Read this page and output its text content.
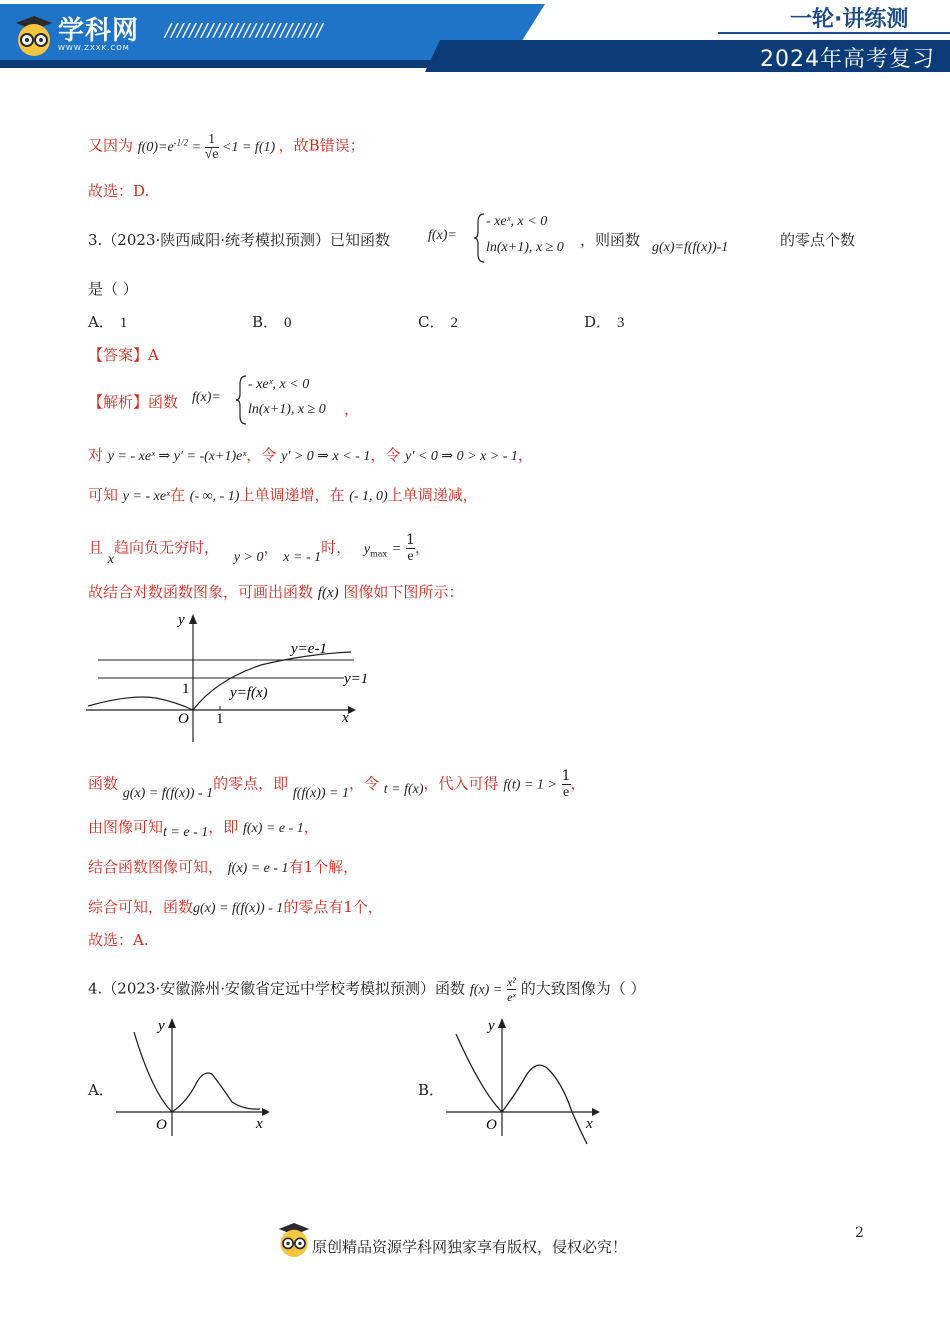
学科网
WWW.ZXXK.COM
//////////////////////////	一轮·讲练测
2024年高考复习
又因为 $f(0)=e^{-1/2} = \frac{1}{√e} <1 = f(1)$ ，故B错误；
故选：D.
3.（2023·陕西咸阳·统考模拟预测）已知函数	f(x)=
- xeˣ, x < 0
ln(x+1), x ≥ 0 ，则函数 g(x)=f(f(x))-1	的零点个数
是（ ）
A． 1	B． 0	C． 2	D． 3
【答案】A
【解析】函数 f(x)=
- xeˣ, x < 0
ln(x+1), x ≥ 0 ，
对 y = - xeˣ ⇒ y′ = -(x+1)eˣ，令 y′ > 0 ⇒ x < - 1，令 y′ < 0 ⇒ 0 > x > - 1，
可知 y = - xeˣ在 (- ∞, - 1)上单调递增，在 (- 1, 0)上单调递减，
且 x趋向负无穷时， y > 0， x = - 1时， $y_{max} = \frac{1}{e}$ ，
故结合对数函数图象，可画出函数 f(x) 图像如下图所示：
y
x
O
1
1
y=e-1
y=1
y=f(x)
函数 g(x) = f(f(x)) - 1的零点，即 f(f(x)) = 1，令 t = f(x)，代入可得 $f(t) = 1 > \frac{1}{e}$ ，
由图像可知t = e - 1，即 f(x) = e - 1，
结合函数图像可知， f(x) = e - 1有1个解，
综合可知，函数g(x) = f(f(x)) - 1的零点有1个，
故选：A.
4.（2023·安徽滁州·安徽省定远中学校考模拟预测）函数 $f(x) = \frac{\text{x²}}{\text{eˣ}}$ 的大致图像为（ ）
A．
y
x
O
B．
y
x
O
原创精品资源学科网独家享有版权，侵权必究！
2
